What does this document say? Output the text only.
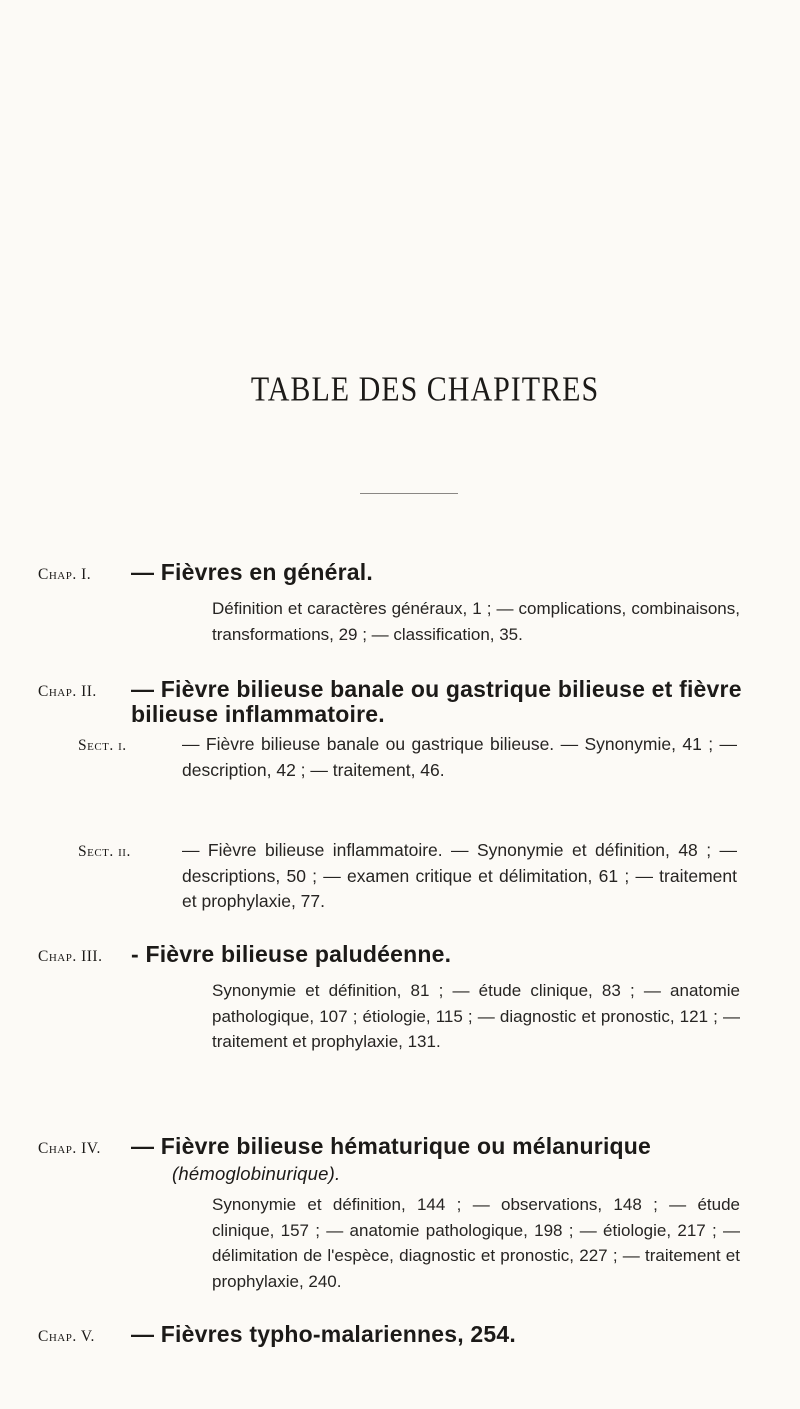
TABLE DES CHAPITRES
Chap. I. — Fièvres en général.
Définition et caractères généraux, 1 ; — complications, combinaisons, transformations, 29 ; — classification, 35.
Chap. II. — Fièvre bilieuse banale ou gastrique bilieuse et fièvre bilieuse inflammatoire.
Sect. i.	— Fièvre bilieuse banale ou gastrique bilieuse. — Synonymie, 41 ; — description, 42 ; — traitement, 46.
Sect. ii.	— Fièvre bilieuse inflammatoire. — Synonymie et définition, 48 ; — descriptions, 50 ; — examen critique et délimitation, 61 ; — traitement et prophylaxie, 77.
Chap. III. - Fièvre bilieuse paludéenne.
Synonymie et définition, 81 ; — étude clinique, 83 ; — anatomie pathologique, 107 ; étiologie, 115 ; — diagnostic et pronostic, 121 ; — traitement et prophylaxie, 131.
Chap. IV. — Fièvre bilieuse hématurique ou mélanurique
(hémoglobinurique).
Synonymie et définition, 144 ; — observations, 148 ; — étude clinique, 157 ; — anatomie pathologique, 198 ; — étiologie, 217 ; — délimitation de l'espèce, diagnostic et pronostic, 227 ; — traitement et prophylaxie, 240.
Chap. V. — Fièvres typho-malariennes, 254.
